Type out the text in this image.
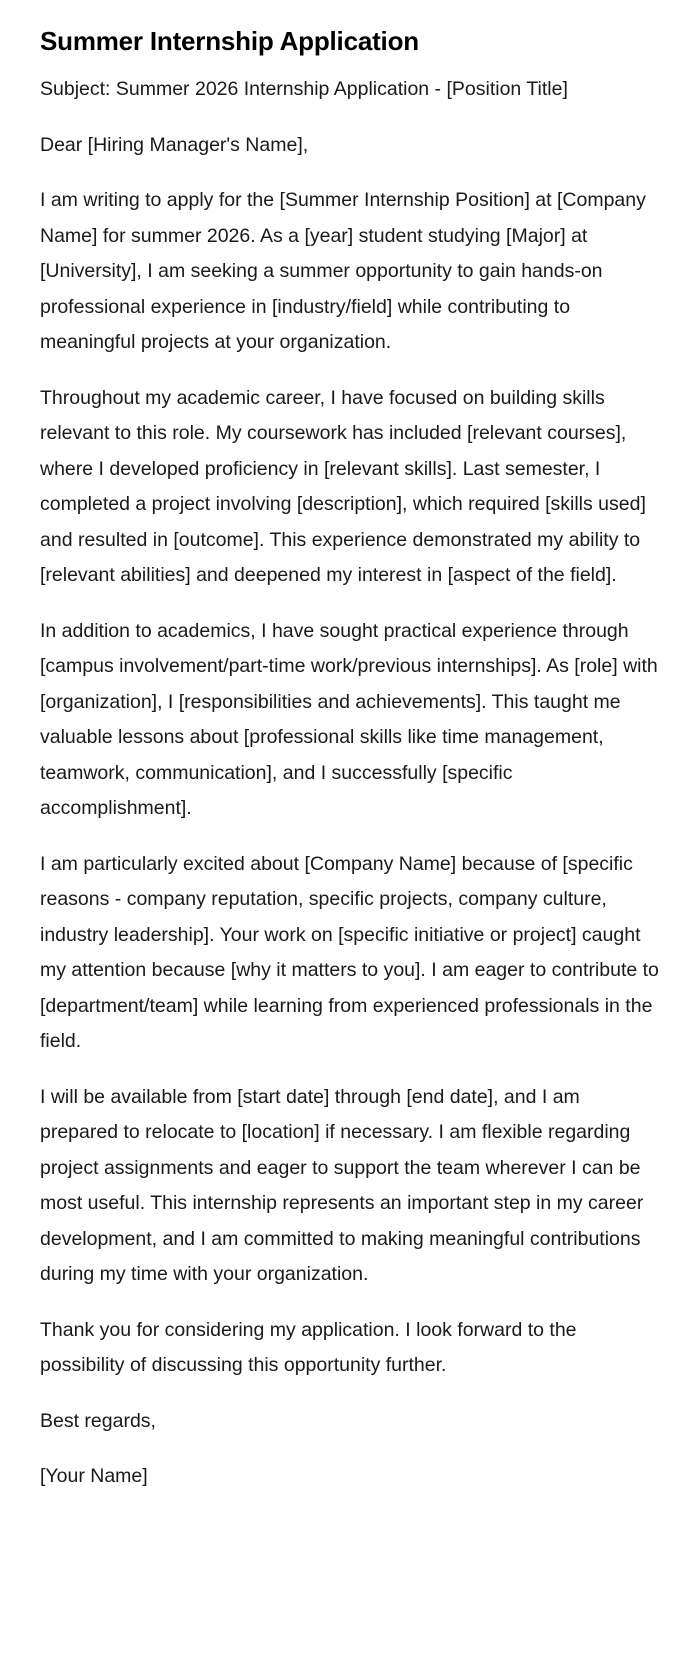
Summer Internship Application

Subject: Summer 2026 Internship Application - [Position Title]

Dear [Hiring Manager's Name],

I am writing to apply for the [Summer Internship Position] at [Company Name] for summer 2026. As a [year] student studying [Major] at [University], I am seeking a summer opportunity to gain hands-on professional experience in [industry/field] while contributing to meaningful projects at your organization.

Throughout my academic career, I have focused on building skills relevant to this role. My coursework has included [relevant courses], where I developed proficiency in [relevant skills]. Last semester, I completed a project involving [description], which required [skills used] and resulted in [outcome]. This experience demonstrated my ability to [relevant abilities] and deepened my interest in [aspect of the field].

In addition to academics, I have sought practical experience through [campus involvement/part-time work/previous internships]. As [role] with [organization], I [responsibilities and achievements]. This taught me valuable lessons about [professional skills like time management, teamwork, communication], and I successfully [specific accomplishment].

I am particularly excited about [Company Name] because of [specific reasons - company reputation, specific projects, company culture, industry leadership]. Your work on [specific initiative or project] caught my attention because [why it matters to you]. I am eager to contribute to [department/team] while learning from experienced professionals in the field.

I will be available from [start date] through [end date], and I am prepared to relocate to [location] if necessary. I am flexible regarding project assignments and eager to support the team wherever I can be most useful. This internship represents an important step in my career development, and I am committed to making meaningful contributions during my time with your organization.

Thank you for considering my application. I look forward to the possibility of discussing this opportunity further.

Best regards,

[Your Name]
